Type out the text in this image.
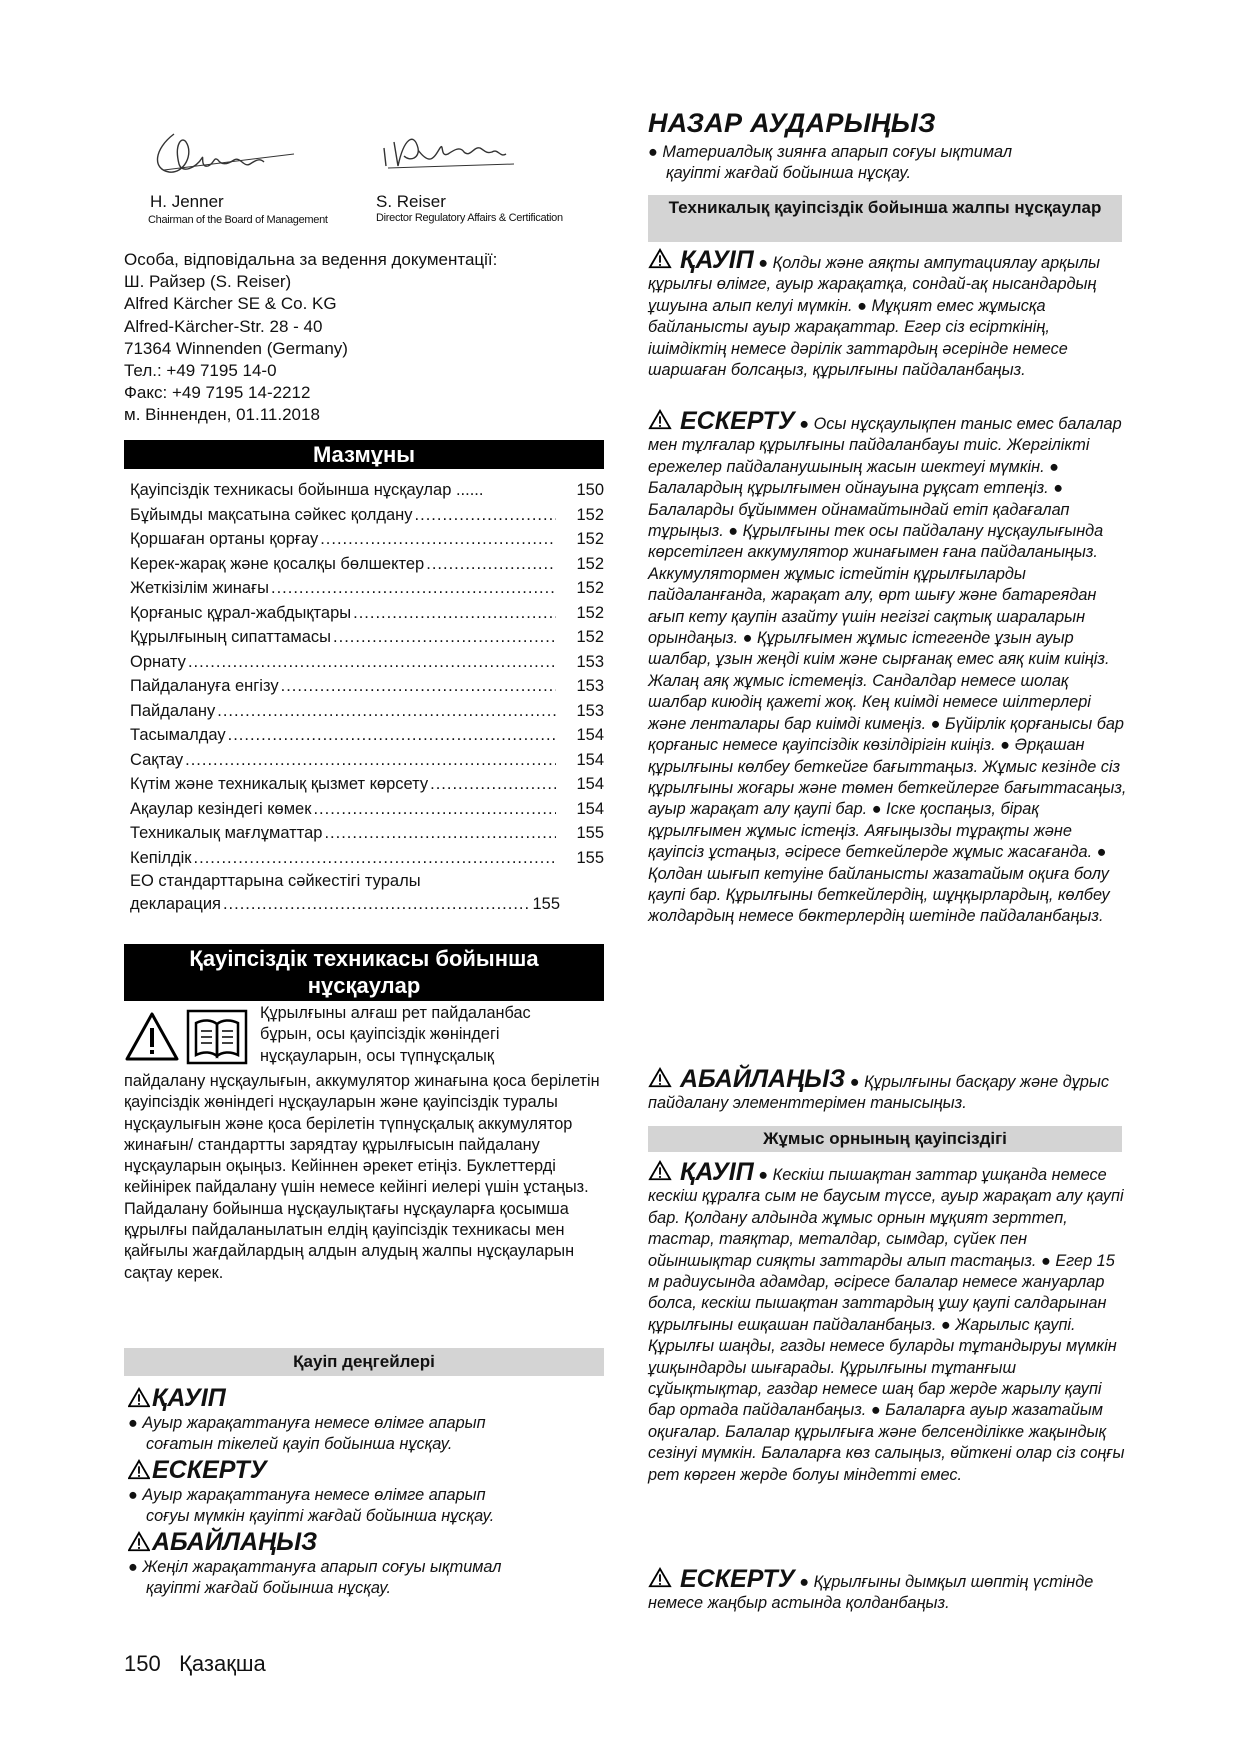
H. Jenner
Chairman of the Board of Management
S. Reiser
Director Regulatory Affairs & Certification
Особа, відповідальна за ведення документації:
Ш. Райзер (S. Reiser)
Alfred Kärcher SE & Co. KG
Alfred-Kärcher-Str. 28 - 40
71364 Winnenden (Germany)
Тел.: +49 7195 14-0
Факс: +49 7195 14-2212
м. Вінненден, 01.11.2018
Мазмұны
Қауіпсіздік техникасы бойынша нұсқаулар ......	150
Бұйымды мақсатына сәйкес қолдану .....	152
Қоршаған ортаны қорғау .....	152
Керек-жарақ және қосалқы бөлшектер .....	152
Жеткізілім жинағы .....	152
Қорғаныс құрал-жабдықтары .....	152
Құрылғының сипаттамасы .....	152
Орнату .....	153
Пайдалануға енгізу .....	153
Пайдалану .....	153
Тасымалдау .....	154
Сақтау .....	154
Күтім және техникалық қызмет көрсету .....	154
Ақаулар кезіндегі көмек .....	154
Техникалық мағлұматтар .....	155
Кепілдік .....	155
ЕО стандарттарына сәйкестігі туралы
декларация .....	155
Қауіпсіздік техникасы бойынша
нұсқаулар
Құрылғыны алғаш рет пайдаланбас
бұрын, осы қауіпсіздік жөніндегі
нұсқауларын, осы түпнұсқалық

пайдалану нұсқаулығын, аккумулятор жинағына қоса берілетін қауіпсіздік жөніндегі нұсқауларын және қауіпсіздік туралы нұсқаулығын және қоса берілетін түпнұсқалық аккумулятор жинағын/ стандартты зарядтау құрылғысын пайдалану нұсқауларын оқыңыз. Кейіннен әрекет етіңіз. Буклеттерді кейінірек пайдалану үшін немесе кейінгі иелері үшін ұстаңыз.

Пайдалану бойынша нұсқаулықтағы нұсқауларға қосымша құрылғы пайдаланылатын елдің қауіпсіздік техникасы мен қайғылы жағдайлардың алдын алудың жалпы нұсқауларын сақтау керек.

Қауіп деңгейлері
ҚАУІП
● Ауыр жарақаттануға немесе өлімге апарып
соғатын тікелей қауіп бойынша нұсқау.
ЕСКЕРТУ
● Ауыр жарақаттануға немесе өлімге апарып
соғуы мүмкін қауіпті жағдай бойынша нұсқау.
АБАЙЛАҢЫЗ
● Жеңіл жарақаттануға апарып соғуы ықтимал
қауіпті жағдай бойынша нұсқау.
150 Қазақша
НАЗАР АУДАРЫҢЫЗ
● Материалдық зиянға апарып соғуы ықтимал
қауіпті жағдай бойынша нұсқау.
Техникалық қауіпсіздік бойынша жалпы нұсқаулар

ҚАУІП ● Қолды және аяқты ампутациялау арқылы құрылғы өлімге, ауыр жарақатқа, сондай-ақ нысандардың ұшуына алып келуі мүмкін. ● Мұқият емес жұмысқа байланысты ауыр жарақаттар. Егер сіз есірткінің, ішімдіктің немесе дәрілік заттардың әсерінде немесе шаршаған болсаңыз, құрылғыны пайдаланбаңыз.

ЕСКЕРТУ ● Осы нұсқаулықпен таныс емес балалар мен тұлғалар құрылғыны пайдаланбауы тиіс. Жергілікті ережелер пайдаланушының жасын шектеуі мүмкін. ● Балалардың құрылғымен ойнауына рұқсат етпеңіз. ● Балаларды бұйыммен ойнамайтындай етіп қадағалап тұрыңыз. ● Құрылғыны тек осы пайдалану нұсқаулығында көрсетілген аккумулятор жинағымен ғана пайдаланыңыз. Аккумулятормен жұмыс істейтін құрылғыларды пайдаланғанда, жарақат алу, өрт шығу және батареядан ағып кету қаупін азайту үшін негізгі сақтық шараларын орындаңыз. ● Құрылғымен жұмыс істегенде ұзын ауыр шалбар, ұзын жеңді киім және сырғанақ емес аяқ киім киіңіз. Жалаң аяқ жұмыс істемеңіз. Сандалдар немесе шолақ шалбар киюдің қажеті жоқ. Кең киімді немесе шілтерлері және ленталары бар киімді кимеңіз. ● Бүйірлік қорғанысы бар қорғаныс немесе қауіпсіздік көзілдірігін киіңіз. ● Әрқашан құрылғыны көлбеу беткейге бағыттаңыз. Жұмыс кезінде сіз құрылғыны жоғары және төмен беткейлерге бағыттасаңыз, ауыр жарақат алу қаупі бар. ● Іске қоспаңыз, бірақ құрылғымен жұмыс істеңіз. Аяғыңызды тұрақты және қауіпсіз ұстаңыз, әсіресе беткейлерде жұмыс жасағанда. ● Қолдан шығып кетуіне байланысты жазатайым оқиға болу қаупі бар. Құрылғыны беткейлердің, шұңқырлардың, көлбеу жолдардың немесе бөктерлердің шетінде пайдаланбаңыз.

АБАЙЛАҢЫЗ ● Құрылғыны басқару және дұрыс пайдалану элементтерімен танысыңыз.

Жұмыс орнының қауіпсіздігі

ҚАУІП ● Кескіш пышақтан заттар ұшқанда немесе кескіш құралға сым не баусым түссе, ауыр жарақат алу қаупі бар. Қолдану алдында жұмыс орнын мұқият зерттеп, тастар, таяқтар, металдар, сымдар, сүйек пен ойыншықтар сияқты заттарды алып тастаңыз. ● Егер 15 м радиусында адамдар, әсіресе балалар немесе жануарлар болса, кескіш пышақтан заттардың ұшу қаупі салдарынан құрылғыны ешқашан пайдаланбаңыз. ● Жарылыс қаупі. Құрылғы шаңды, газды немесе буларды тұтандыруы мүмкін ұшқындарды шығарады. Құрылғыны тұтанғыш сұйықтықтар, газдар немесе шаң бар жерде жарылу қаупі бар ортада пайдаланбаңыз. ● Балаларға ауыр жазатайым оқиғалар. Балалар құрылғыға және белсенділікке жақындық сезінуі мүмкін. Балаларға көз салыңыз, өйткені олар сіз соңғы рет көрген жерде болуы міндетті емес.

ЕСКЕРТУ ● Құрылғыны дымқыл шөптің үстінде немесе жаңбыр астында қолданбаңыз.
